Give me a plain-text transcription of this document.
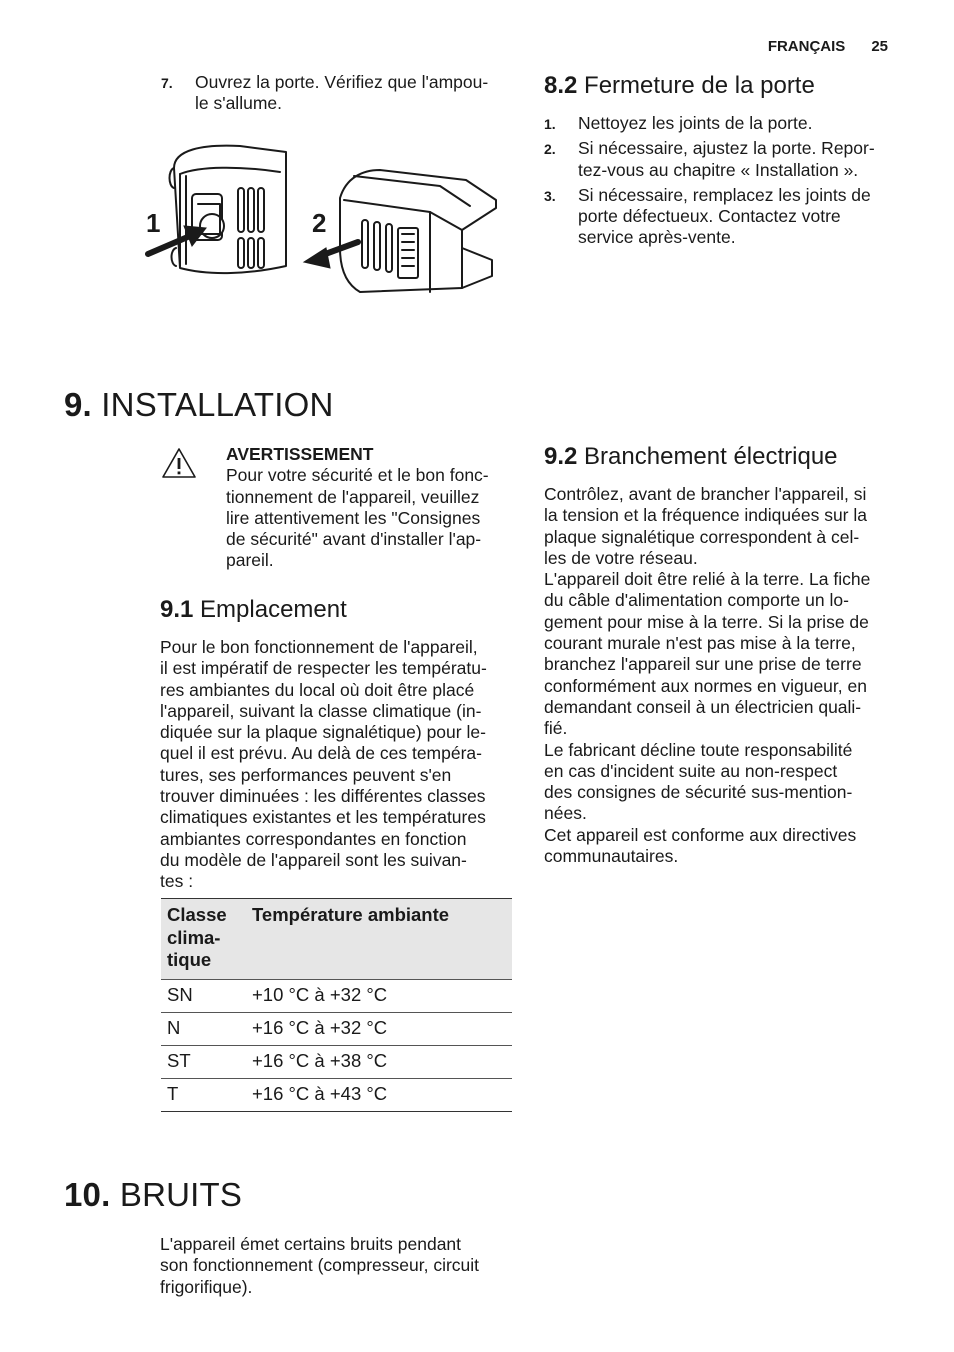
FRANÇAIS 25
7. Ouvrez la porte. Vérifiez que l'ampou-
le s'allume.
1	2
8.2 Fermeture de la porte
1. Nettoyez les joints de la porte.
2. Si nécessaire, ajustez la porte. Repor-
tez-vous au chapitre « Installation ».
3. Si nécessaire, remplacez les joints de
porte défectueux. Contactez votre
service après-vente.
9. INSTALLATION
AVERTISSEMENT
Pour votre sécurité et le bon fonc-
tionnement de l'appareil, veuillez
lire attentivement les "Consignes
de sécurité" avant d'installer l'ap-
pareil.
9.1 Emplacement
Pour le bon fonctionnement de l'appareil,
il est impératif de respecter les températu-
res ambiantes du local où doit être placé
l'appareil, suivant la classe climatique (in-
diquée sur la plaque signalétique) pour le-
quel il est prévu. Au delà de ces tempéra-
tures, ses performances peuvent s'en
trouver diminuées : les différentes classes
climatiques existantes et les températures
ambiantes correspondantes en fonction
du modèle de l'appareil sont les suivan-
tes :
Classe
clima-
tique	Température ambiante
SN	+10 °C à +32 °C
N	+16 °C à +32 °C
ST	+16 °C à +38 °C
T	+16 °C à +43 °C
9.2 Branchement électrique
Contrôlez, avant de brancher l'appareil, si
la tension et la fréquence indiquées sur la
plaque signalétique correspondent à cel-
les de votre réseau.
L'appareil doit être relié à la terre. La fiche
du câble d'alimentation comporte un lo-
gement pour mise à la terre. Si la prise de
courant murale n'est pas mise à la terre,
branchez l'appareil sur une prise de terre
conformément aux normes en vigueur, en
demandant conseil à un électricien quali-
fié.
Le fabricant décline toute responsabilité
en cas d'incident suite au non-respect
des consignes de sécurité sus-mention-
nées.
Cet appareil est conforme aux directives
communautaires.
10. BRUITS
L'appareil émet certains bruits pendant
son fonctionnement (compresseur, circuit
frigorifique).
